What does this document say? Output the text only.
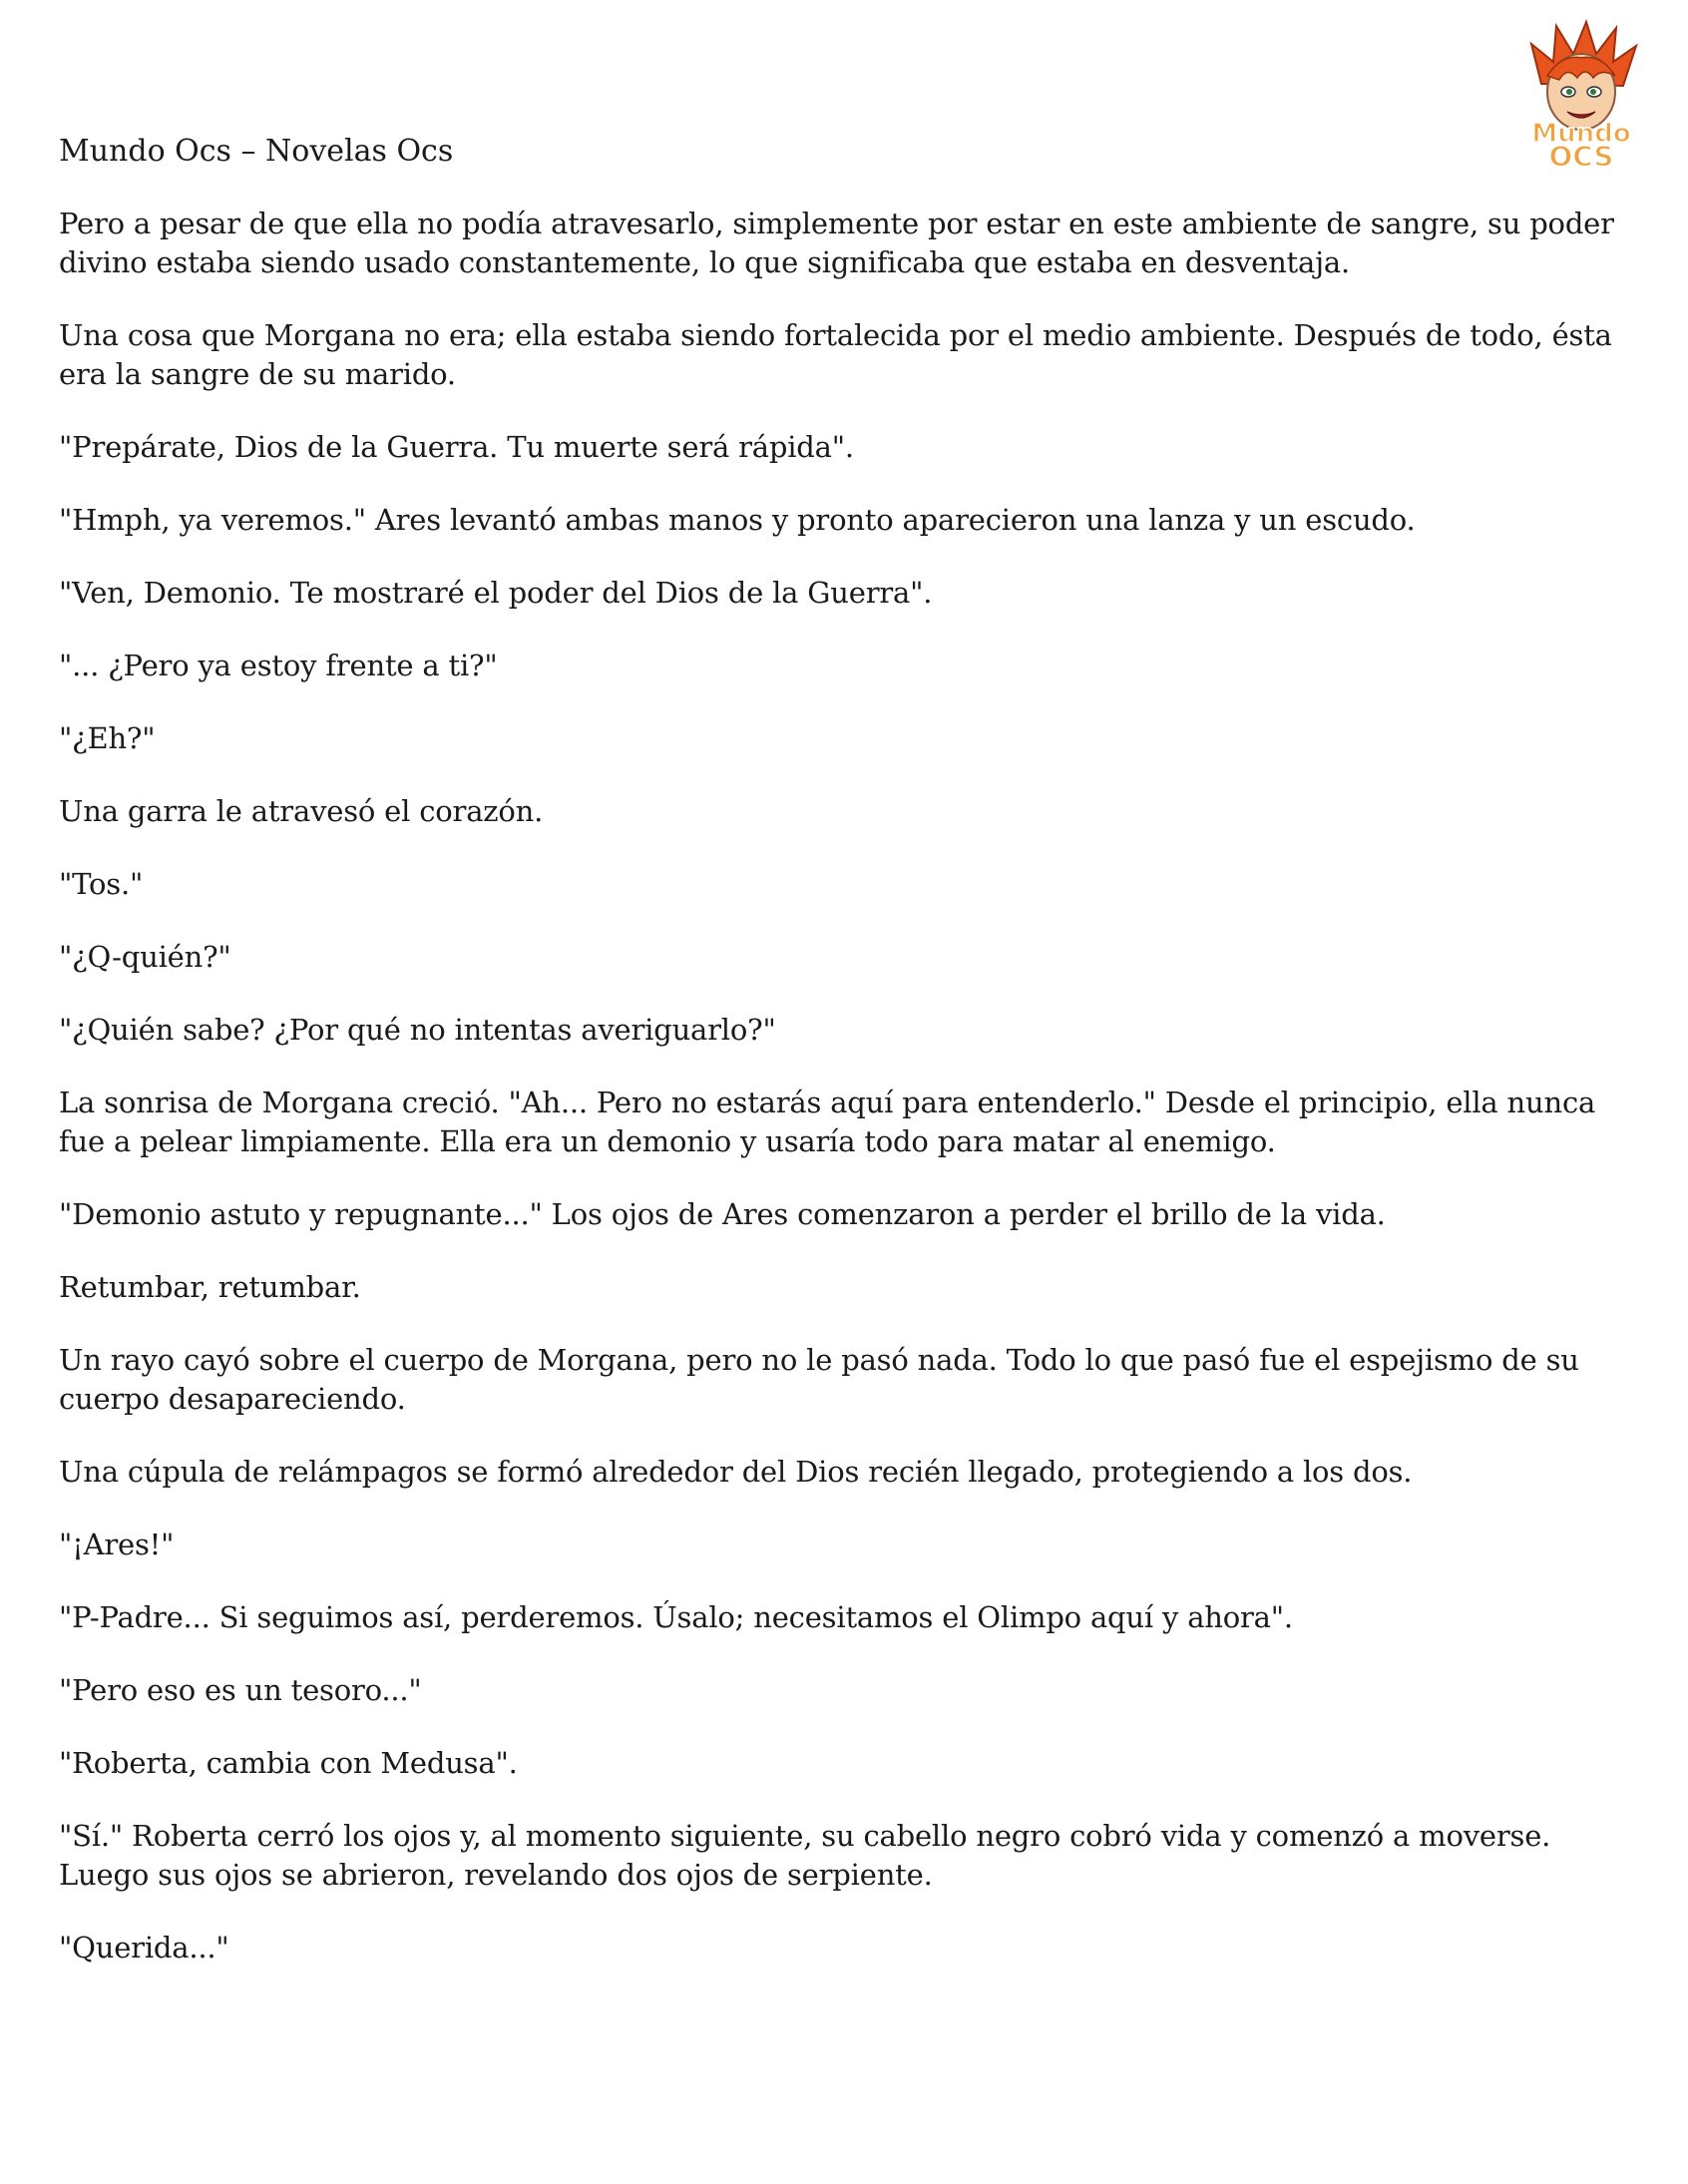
Mundo Ocs – Novelas Ocs	Mundo
OCS

Pero a pesar de que ella no podía atravesarlo, simplemente por estar en este ambiente de sangre, su poder divino estaba siendo usado constantemente, lo que significaba que estaba en desventaja.

Una cosa que Morgana no era; ella estaba siendo fortalecida por el medio ambiente. Después de todo, ésta era la sangre de su marido.

"Prepárate, Dios de la Guerra. Tu muerte será rápida".

"Hmph, ya veremos." Ares levantó ambas manos y pronto aparecieron una lanza y un escudo.

"Ven, Demonio. Te mostraré el poder del Dios de la Guerra".

"... ¿Pero ya estoy frente a ti?"

"¿Eh?"

Una garra le atravesó el corazón.

"Tos."

"¿Q-quién?"

"¿Quién sabe? ¿Por qué no intentas averiguarlo?"

La sonrisa de Morgana creció. "Ah... Pero no estarás aquí para entenderlo." Desde el principio, ella nunca fue a pelear limpiamente. Ella era un demonio y usaría todo para matar al enemigo.

"Demonio astuto y repugnante..." Los ojos de Ares comenzaron a perder el brillo de la vida.

Retumbar, retumbar.

Un rayo cayó sobre el cuerpo de Morgana, pero no le pasó nada. Todo lo que pasó fue el espejismo de su cuerpo desapareciendo.

Una cúpula de relámpagos se formó alrededor del Dios recién llegado, protegiendo a los dos.

"¡Ares!"

"P-Padre... Si seguimos así, perderemos. Úsalo; necesitamos el Olimpo aquí y ahora".

"Pero eso es un tesoro..."

"Roberta, cambia con Medusa".

"Sí." Roberta cerró los ojos y, al momento siguiente, su cabello negro cobró vida y comenzó a moverse. Luego sus ojos se abrieron, revelando dos ojos de serpiente.

"Querida..."
